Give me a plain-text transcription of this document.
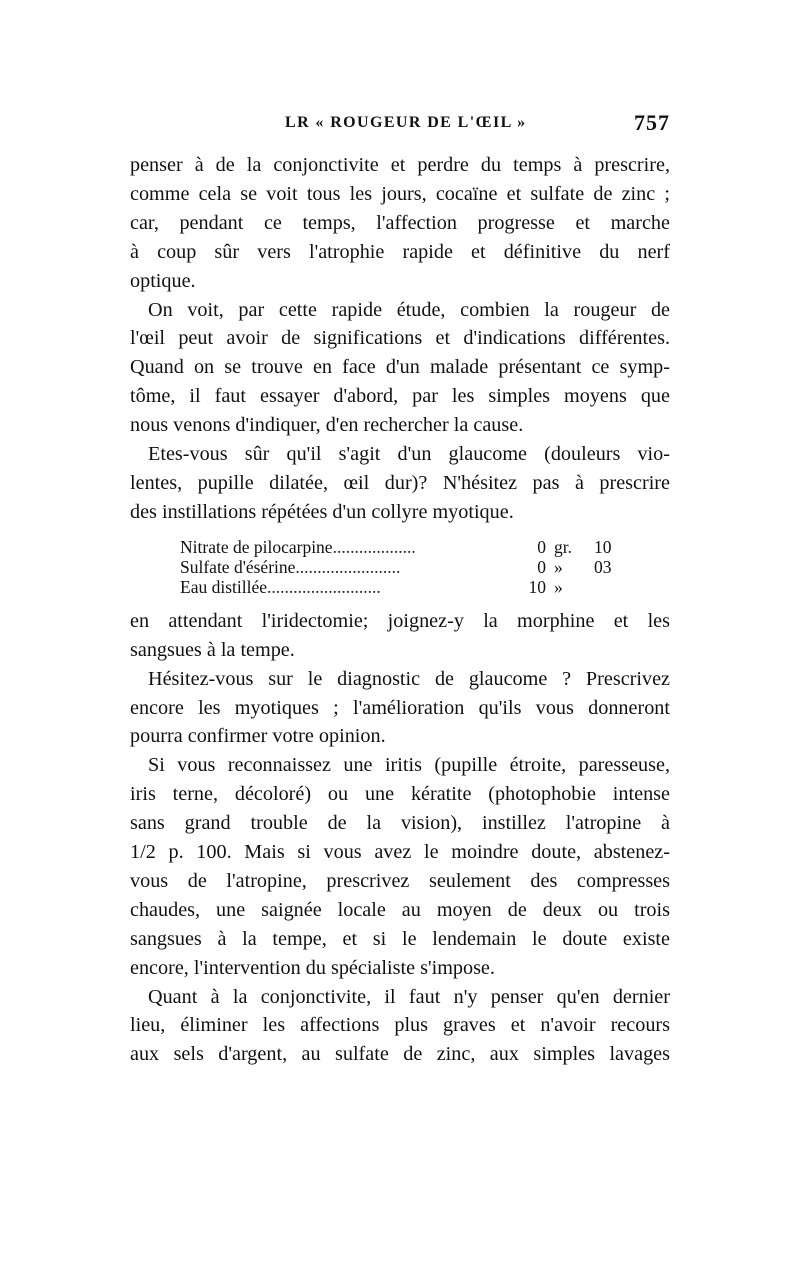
LR « ROUGEUR DE L'ŒIL »	757

penser à de la conjonctivite et perdre du temps à prescrire,
comme cela se voit tous les jours, cocaïne et sulfate de zinc ;
car, pendant ce temps, l'affection progresse et marche
à coup sûr vers l'atrophie rapide et définitive du nerf
optique.

On voit, par cette rapide étude, combien la rougeur de
l'œil peut avoir de significations et d'indications différentes.
Quand on se trouve en face d'un malade présentant ce symp-
tôme, il faut essayer d'abord, par les simples moyens que
nous venons d'indiquer, d'en rechercher la cause.

Etes-vous sûr qu'il s'agit d'un glaucome (douleurs vio-
lentes, pupille dilatée, œil dur)? N'hésitez pas à prescrire
des instillations répétées d'un collyre myotique.

Nitrate de pilocarpine...................	0	gr.	10
Sulfate d'ésérine........................	0	»	03
Eau distillée..........................	10	»	

en attendant l'iridectomie; joignez-y la morphine et les
sangsues à la tempe.

Hésitez-vous sur le diagnostic de glaucome ? Prescrivez
encore les myotiques ; l'amélioration qu'ils vous donneront
pourra confirmer votre opinion.

Si vous reconnaissez une iritis (pupille étroite, paresseuse,
iris terne, décoloré) ou une kératite (photophobie intense
sans grand trouble de la vision), instillez l'atropine à
1/2 p. 100. Mais si vous avez le moindre doute, abstenez-
vous de l'atropine, prescrivez seulement des compresses
chaudes, une saignée locale au moyen de deux ou trois
sangsues à la tempe, et si le lendemain le doute existe
encore, l'intervention du spécialiste s'impose.

Quant à la conjonctivite, il faut n'y penser qu'en dernier
lieu, éliminer les affections plus graves et n'avoir recours
aux sels d'argent, au sulfate de zinc, aux simples lavages
